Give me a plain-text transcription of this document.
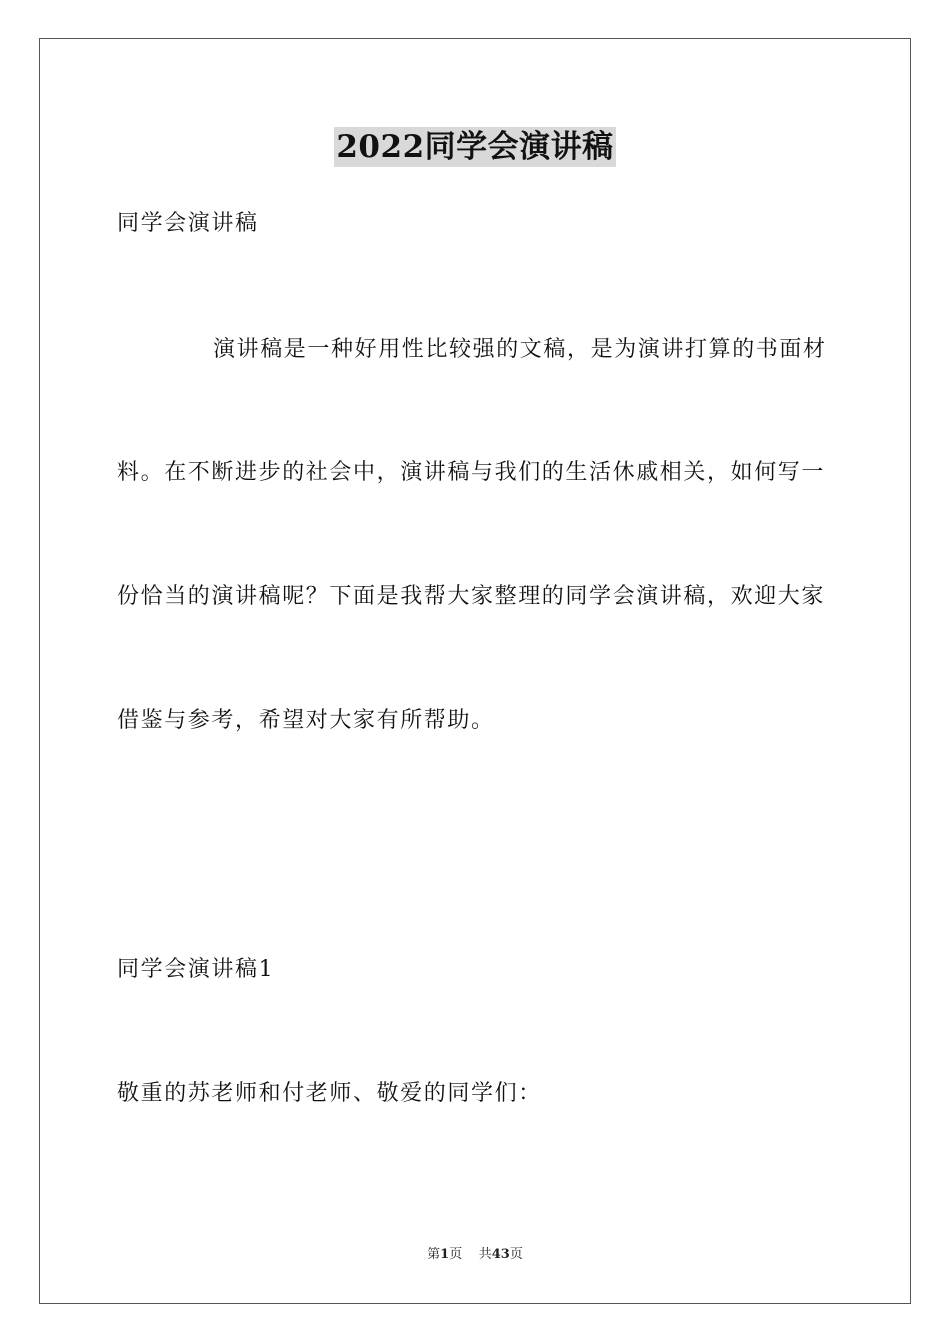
2022同学会演讲稿
同学会演讲稿
演讲稿是一种好用性比较强的文稿，是为演讲打算的书面材
料。在不断进步的社会中，演讲稿与我们的生活休戚相关，如何写一
份恰当的演讲稿呢？下面是我帮大家整理的同学会演讲稿，欢迎大家
借鉴与参考，希望对大家有所帮助。
同学会演讲稿1
敬重的苏老师和付老师、敬爱的同学们：
第1页 共43页
